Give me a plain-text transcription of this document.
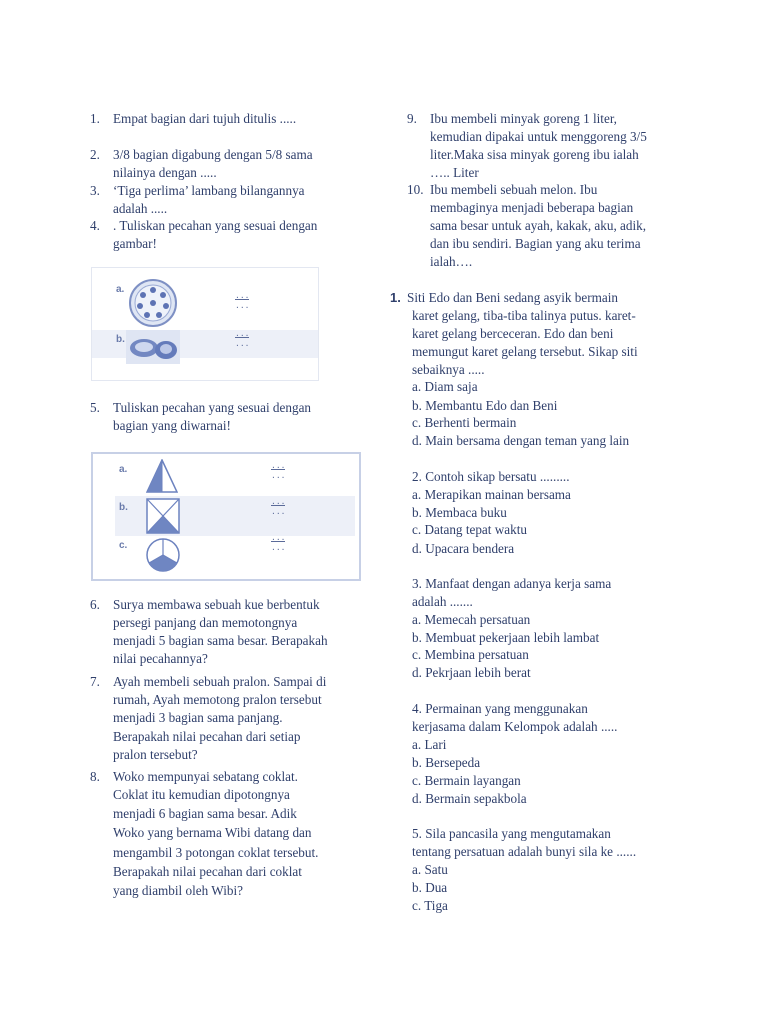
1. Empat bagian dari tujuh ditulis .....
2. 3/8 bagian digabung dengan 5/8 sama
nilainya dengan .....
3. ‘Tiga perlima’ lambang bilangannya
adalah .....
4. . Tuliskan pecahan yang sesuai dengan
gambar!
a.
b.
...
...
...
...
5. Tuliskan pecahan yang sesuai dengan
bagian yang diwarnai!
a.
b.
c.
...
...
...
...
...
...
6. Surya membawa sebuah kue berbentuk
persegi panjang dan memotongnya
menjadi 5 bagian sama besar. Berapakah
nilai pecahannya?
7. Ayah membeli sebuah pralon. Sampai di
rumah, Ayah memotong pralon tersebut
menjadi 3 bagian sama panjang.
Berapakah nilai pecahan dari setiap
pralon tersebut?
8. Woko mempunyai sebatang coklat.
Coklat itu kemudian dipotongnya
menjadi 6 bagian sama besar. Adik
Woko yang bernama Wibi datang dan
mengambil 3 potongan coklat tersebut.
Berapakah nilai pecahan dari coklat
yang diambil oleh Wibi?
9. Ibu membeli minyak goreng 1 liter,
kemudian dipakai untuk menggoreng 3/5
liter.Maka sisa minyak goreng ibu ialah
….. Liter
10. Ibu membeli sebuah melon. Ibu
membaginya menjadi beberapa bagian
sama besar untuk ayah, kakak, aku, adik,
dan ibu sendiri. Bagian yang aku terima
ialah….
1. Siti Edo dan Beni sedang asyik bermain
karet gelang, tiba-tiba talinya putus. karet-
karet gelang berceceran. Edo dan beni
memungut karet gelang tersebut. Sikap siti
sebaiknya .....
a. Diam saja
b. Membantu Edo dan Beni
c. Berhenti bermain
d. Main bersama dengan teman yang lain
2. Contoh sikap bersatu .........
a. Merapikan mainan bersama
b. Membaca buku
c. Datang tepat waktu
d. Upacara bendera
3. Manfaat dengan adanya kerja sama
adalah .......
a. Memecah persatuan
b. Membuat pekerjaan lebih lambat
c. Membina persatuan
d. Pekrjaan lebih berat
4. Permainan yang menggunakan
kerjasama dalam Kelompok adalah .....
a. Lari
b. Bersepeda
c. Bermain layangan
d. Bermain sepakbola
5. Sila pancasila yang mengutamakan
tentang persatuan adalah bunyi sila ke ......
a. Satu
b. Dua
c. Tiga
